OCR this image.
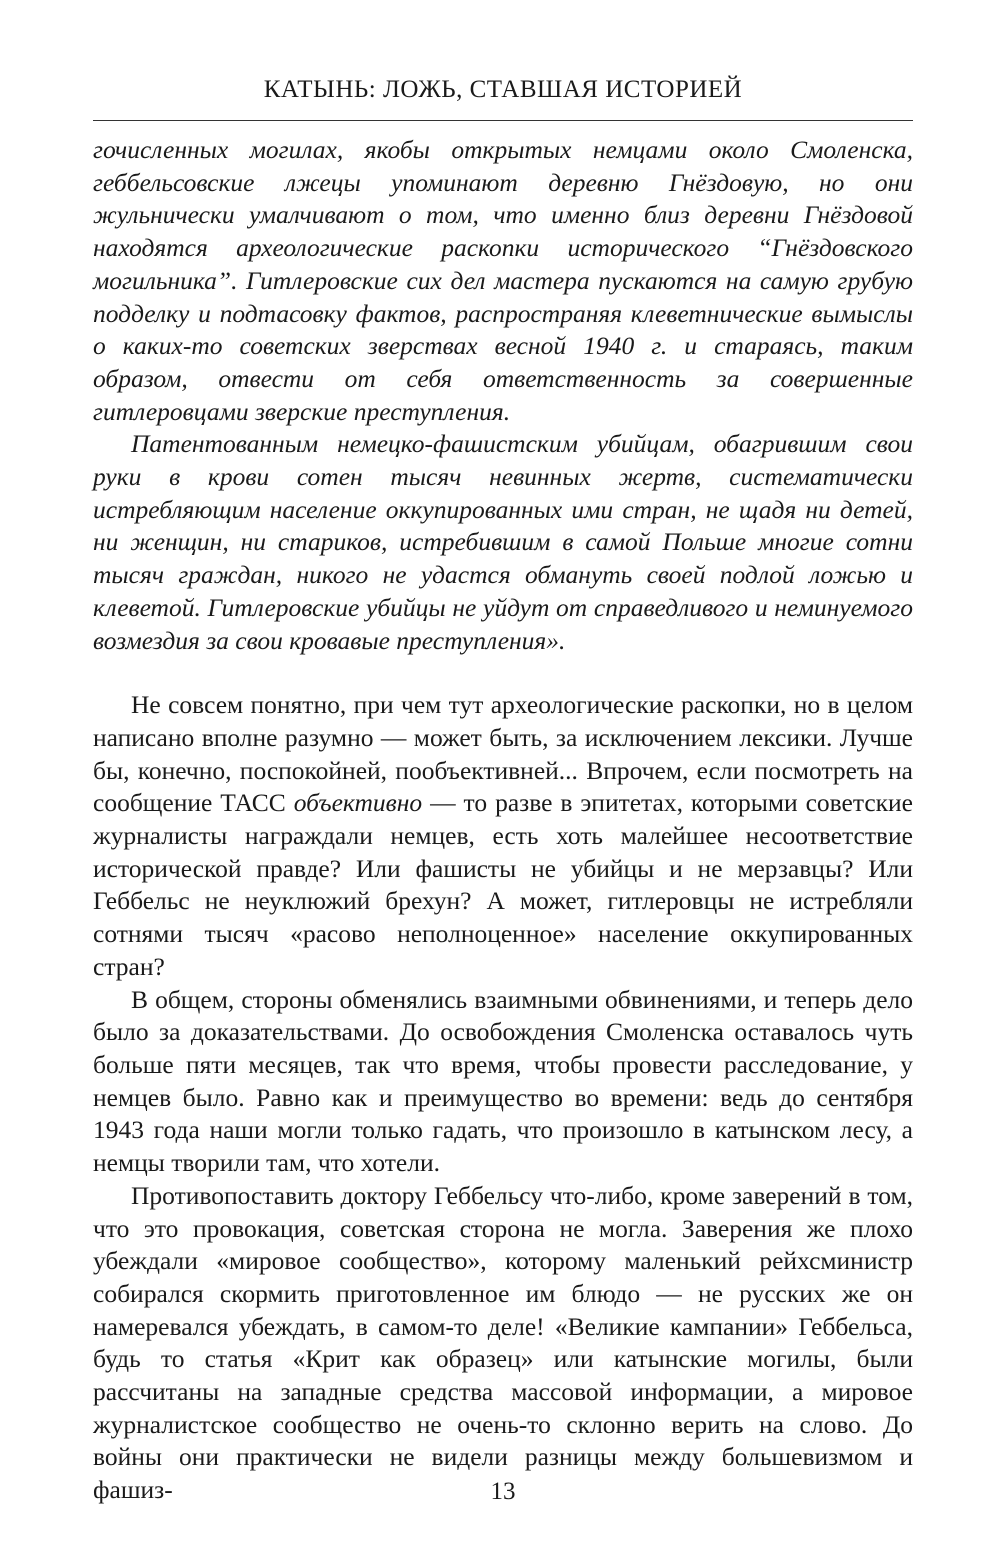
КАТЫНЬ: ЛОЖЬ, СТАВШАЯ ИСТОРИЕЙ

гочисленных могилах, якобы открытых немцами около Смоленска, геббельсовские лжецы упоминают деревню Гнёздовую, но они жульнически умалчивают о том, что именно близ деревни Гнёздовой находятся археологические раскопки исторического “Гнёздовского могильника”. Гитлеровские сих дел мастера пускаются на самую грубую подделку и подтасовку фактов, распространяя клеветнические вымыслы о каких-то советских зверствах весной 1940 г. и стараясь, таким образом, отвести от себя ответственность за совершенные гитлеровцами зверские преступления.

Патентованным немецко-фашистским убийцам, обагрившим свои руки в крови сотен тысяч невинных жертв, систематически истребляющим население оккупированных ими стран, не щадя ни детей, ни женщин, ни стариков, истребившим в самой Польше многие сотни тысяч граждан, никого не удастся обмануть своей подлой ложью и клеветой. Гитлеровские убийцы не уйдут от справедливого и неминуемого возмездия за свои кровавые преступления».

Не совсем понятно, при чем тут археологические раскопки, но в целом написано вполне разумно — может быть, за исключением лексики. Лучше бы, конечно, поспокойней, пообъективней... Впрочем, если посмотреть на сообщение ТАСС объективно — то разве в эпитетах, которыми советские журналисты награждали немцев, есть хоть малейшее несоответствие исторической правде? Или фашисты не убийцы и не мерзавцы? Или Геббельс не неуклюжий брехун? А может, гитлеровцы не истребляли сотнями тысяч «расово неполноценное» население оккупированных стран?

В общем, стороны обменялись взаимными обвинениями, и теперь дело было за доказательствами. До освобождения Смоленска оставалось чуть больше пяти месяцев, так что время, чтобы провести расследование, у немцев было. Равно как и преимущество во времени: ведь до сентября 1943 года наши могли только гадать, что произошло в катынском лесу, а немцы творили там, что хотели.

Противопоставить доктору Геббельсу что-либо, кроме заверений в том, что это провокация, советская сторона не могла. Заверения же плохо убеждали «мировое сообщество», которому маленький рейхсминистр собирался скормить приготовленное им блюдо — не русских же он намеревался убеждать, в самом-то деле! «Великие кампании» Геббельса, будь то статья «Крит как образец» или катынские могилы, были рассчитаны на западные средства массовой информации, а мировое журналистское сообщество не очень-то склонно верить на слово. До войны они практически не видели разницы между большевизмом и фашиз-	13
